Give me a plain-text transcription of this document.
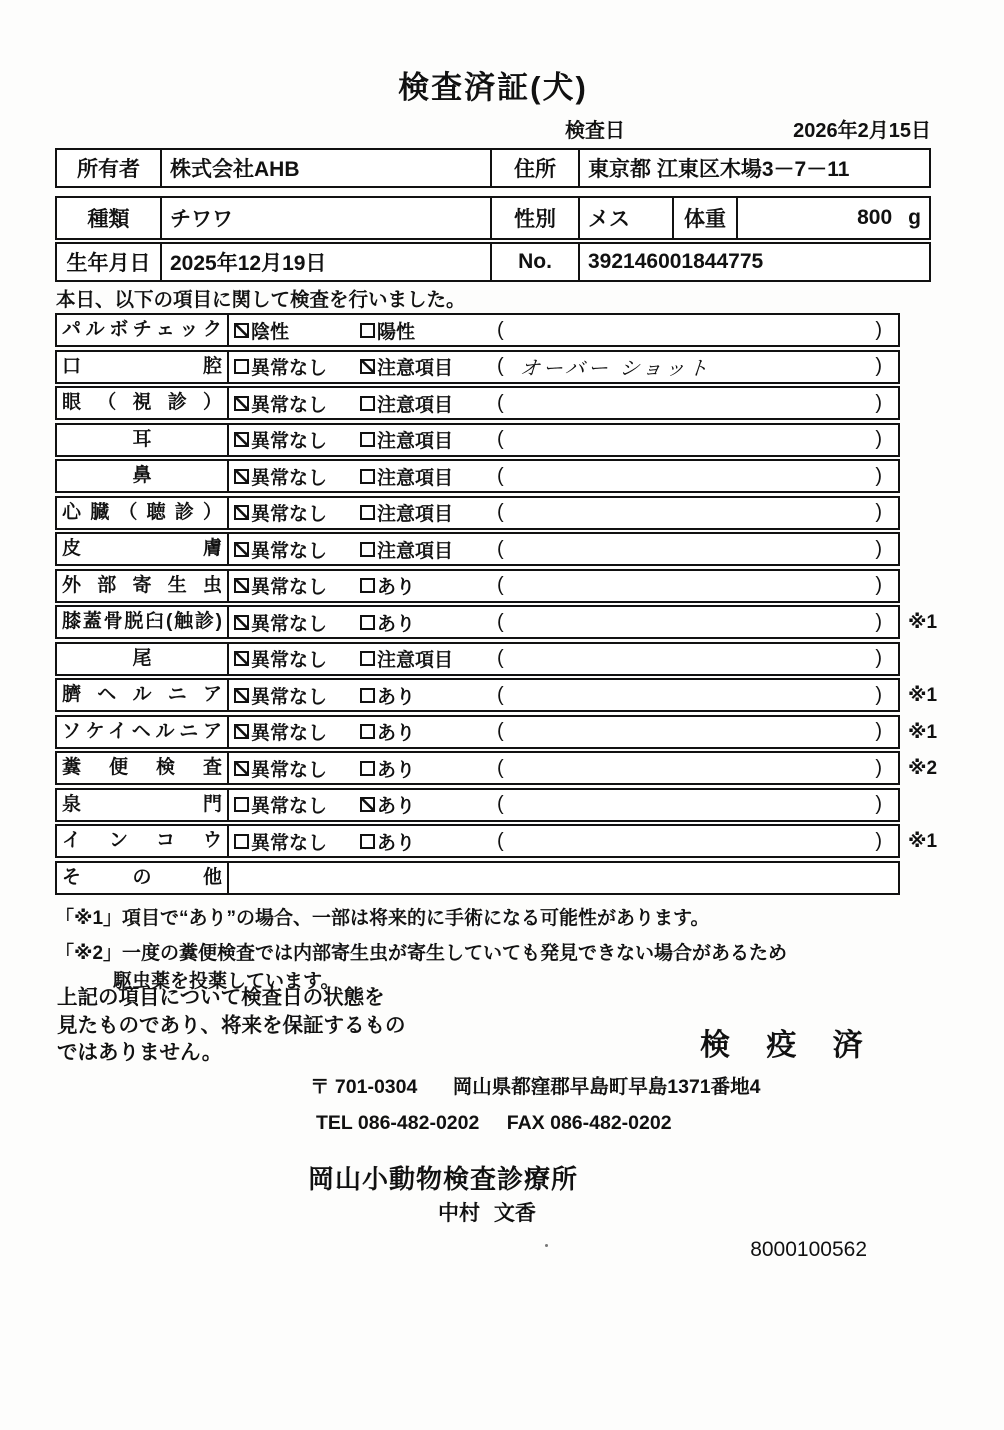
検査済証(犬)
検査日	2026年2月15日
所有者	株式会社AHB	住所	東京都 江東区木場3－7－11
種類	チワワ	性別	メス	体重	800 g
生年月日 2025年12月19日	No.	392146001844775
本日、以下の項目に関して検査を行いました。
パルボチェック	陰性	陽性	(	)
口腔	異常なし	注意項目 ( オーバー ショット	)
眼（視診）	異常なし	注意項目 (	)
耳	異常なし	注意項目 (	)
鼻	異常なし	注意項目 (	)
心臓（聴診）	異常なし	注意項目 (	)
皮膚	異常なし	注意項目 (	)
外部寄生虫	異常なし	あり	(	)
膝蓋骨脱臼(触診)	異常なし	あり	(	)	※1
尾	異常なし	注意項目 (	)
臍ヘルニア	異常なし	あり	(	)	※1
ソケイヘルニア	異常なし	あり	(	)	※1
糞便検査	異常なし	あり	(	)	※2
泉門	異常なし	あり	(	)
インコウ	異常なし	あり	(	)	※1
その他
「※1」項目で“あり”の場合、一部は将来的に手術になる可能性があります。
「※2」一度の糞便検査では内部寄生虫が寄生していても発見できない場合があるため
駆虫薬を投薬しています。
上記の項目について検査日の状態を
見たものであり、将来を保証するもの
ではありません。	検 疫 済
〒 701-0304 岡山県都窪郡早島町早島1371番地4
TEL 086-482-0202 FAX 086-482-0202
岡山小動物検査診療所
中村 文香
8000100562
